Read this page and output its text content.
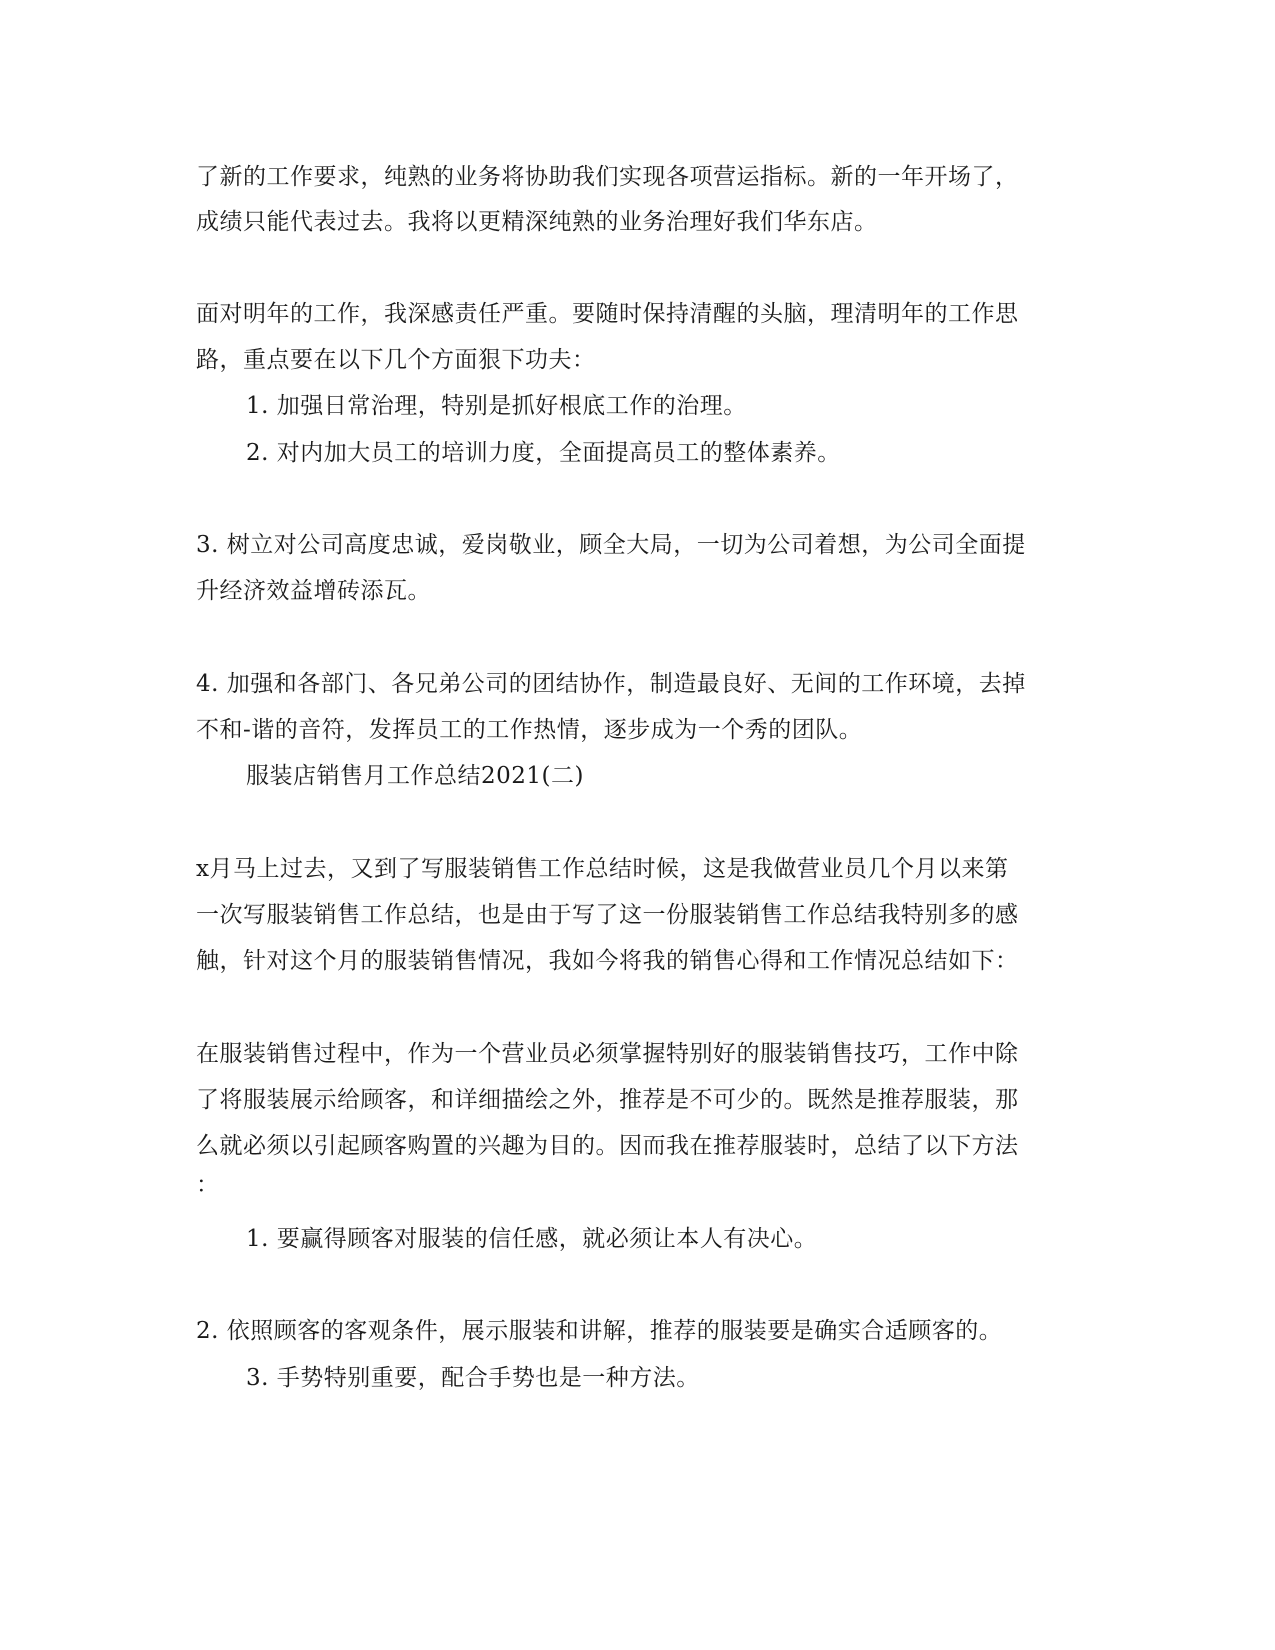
了新的工作要求，纯熟的业务将协助我们实现各项营运指标。新的一年开场了，
成绩只能代表过去。我将以更精深纯熟的业务治理好我们华东店。
面对明年的工作，我深感责任严重。要随时保持清醒的头脑，理清明年的工作思
路，重点要在以下几个方面狠下功夫：
1. 加强日常治理，特别是抓好根底工作的治理。
2. 对内加大员工的培训力度，全面提高员工的整体素养。
3. 树立对公司高度忠诚，爱岗敬业，顾全大局，一切为公司着想，为公司全面提
升经济效益增砖添瓦。
4. 加强和各部门、各兄弟公司的团结协作，制造最良好、无间的工作环境，去掉
不和-谐的音符，发挥员工的工作热情，逐步成为一个秀的团队。
服装店销售月工作总结2021(二)
x月马上过去，又到了写服装销售工作总结时候，这是我做营业员几个月以来第
一次写服装销售工作总结，也是由于写了这一份服装销售工作总结我特别多的感
触，针对这个月的服装销售情况，我如今将我的销售心得和工作情况总结如下：
在服装销售过程中，作为一个营业员必须掌握特别好的服装销售技巧，工作中除
了将服装展示给顾客，和详细描绘之外，推荐是不可少的。既然是推荐服装，那
么就必须以引起顾客购置的兴趣为目的。因而我在推荐服装时，总结了以下方法
：
1. 要赢得顾客对服装的信任感，就必须让本人有决心。
2. 依照顾客的客观条件，展示服装和讲解，推荐的服装要是确实合适顾客的。
3. 手势特别重要，配合手势也是一种方法。
